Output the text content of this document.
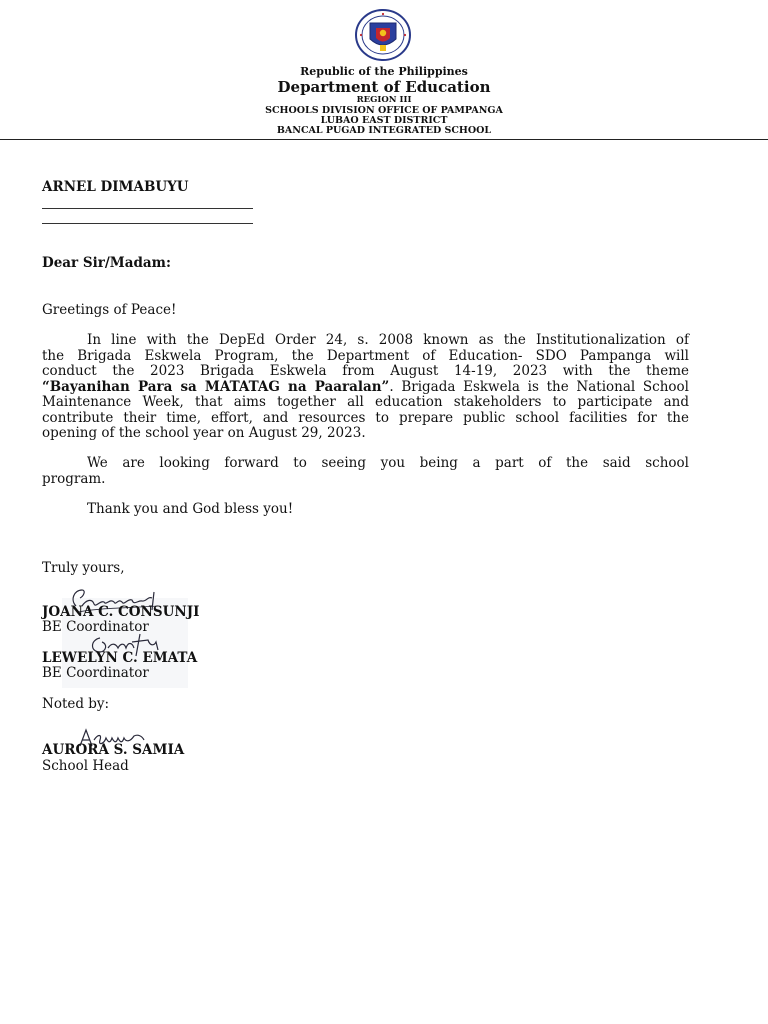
Republic of the Philippines
Department of Education
REGION III
SCHOOLS DIVISION OFFICE OF PAMPANGA
LUBAO EAST DISTRICT
BANCAL PUGAD INTEGRATED SCHOOL
ARNEL DIMABUYU
Dear Sir/Madam:
Greetings of Peace!
In line with the DepEd Order 24, s. 2008 known as the Institutionalization of
the Brigada Eskwela Program, the Department of Education- SDO Pampanga will
conduct the 2023 Brigada Eskwela from August 14-19, 2023 with the theme
“Bayanihan Para sa MATATAG na Paaralan”. Brigada Eskwela is the National School
Maintenance Week, that aims together all education stakeholders to participate and
contribute their time, effort, and resources to prepare public school facilities for the
opening of the school year on August 29, 2023.
We are looking forward to seeing you being a part of the said school
program.
Thank you and God bless you!
Truly yours,
JOANA C. CONSUNJI
BE Coordinator
LEWELYN C. EMATA
BE Coordinator
Noted by:
AURORA S. SAMIA
School Head
